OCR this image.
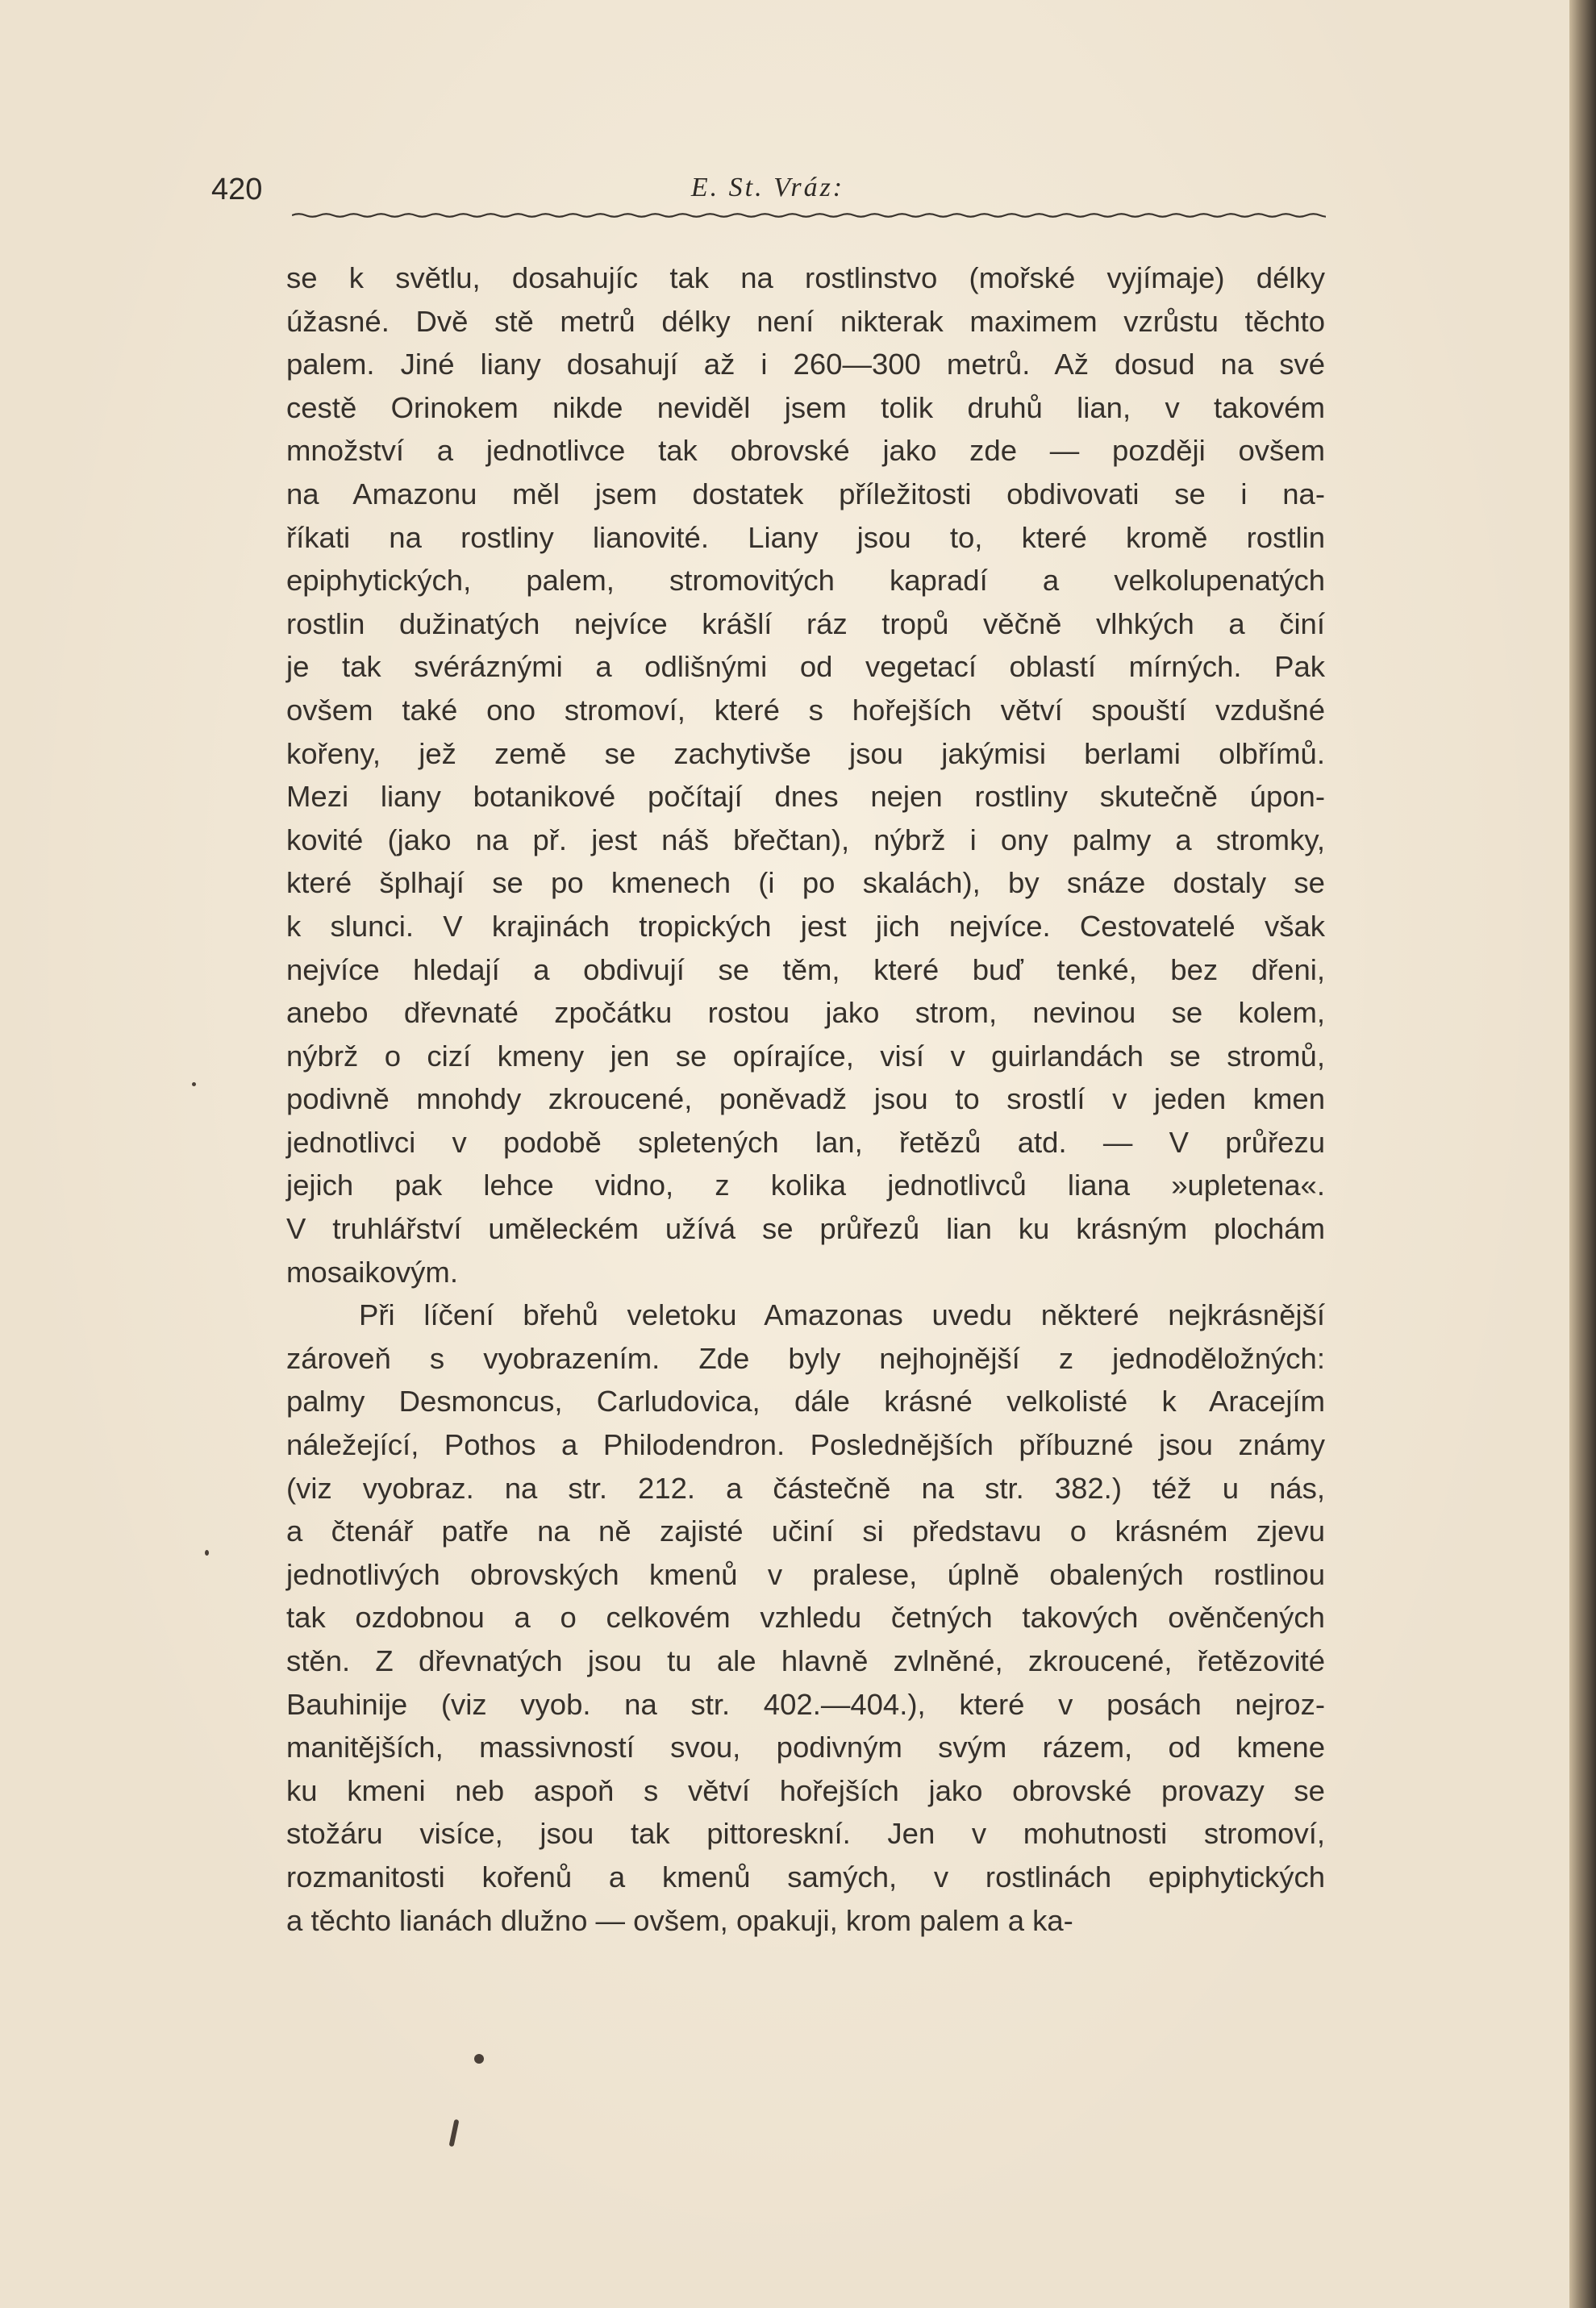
420	E. St. Vráz:
se k světlu, dosahujíc tak na rostlinstvo (mořské vyjímaje) délky
úžasné. Dvě stě metrů délky není nikterak maximem vzrůstu těchto
palem. Jiné liany dosahují až i 260—300 metrů. Až dosud na své
cestě Orinokem nikde neviděl jsem tolik druhů lian, v takovém
množství a jednotlivce tak obrovské jako zde — později ovšem
na Amazonu měl jsem dostatek příležitosti obdivovati se i na-
říkati na rostliny lianovité. Liany jsou to, které kromě rostlin
epiphytických, palem, stromovitých kapradí a velkolupenatých
rostlin dužinatých nejvíce krášlí ráz tropů věčně vlhkých a činí
je tak svéráznými a odlišnými od vegetací oblastí mírných. Pak
ovšem také ono stromoví, které s hořejších větví spouští vzdušné
kořeny, jež země se zachytivše jsou jakýmisi berlami olbřímů.
Mezi liany botanikové počítají dnes nejen rostliny skutečně úpon-
kovité (jako na př. jest náš břečtan), nýbrž i ony palmy a stromky,
které šplhají se po kmenech (i po skalách), by snáze dostaly se
k slunci. V krajinách tropických jest jich nejvíce. Cestovatelé však
nejvíce hledají a obdivují se těm, které buď tenké, bez dřeni,
anebo dřevnaté zpočátku rostou jako strom, nevinou se kolem,
nýbrž o cizí kmeny jen se opírajíce, visí v guirlandách se stromů,
podivně mnohdy zkroucené, poněvadž jsou to srostlí v jeden kmen
jednotlivci v podobě spletených lan, řetězů atd. — V průřezu
jejich pak lehce vidno, z kolika jednotlivců liana »upletena«.
V truhlářství uměleckém užívá se průřezů lian ku krásným plochám
mosaikovým.
Při líčení břehů veletoku Amazonas uvedu některé nejkrásnější
zároveň s vyobrazením. Zde byly nejhojnější z jednoděložných:
palmy Desmoncus, Carludovica, dále krásné velkolisté k Aracejím
náležející, Pothos a Philodendron. Poslednějších příbuzné jsou známy
(viz vyobraz. na str. 212. a částečně na str. 382.) též u nás,
a čtenář patře na ně zajisté učiní si představu o krásném zjevu
jednotlivých obrovských kmenů v pralese, úplně obalených rostlinou
tak ozdobnou a o celkovém vzhledu četných takových ověnčených
stěn. Z dřevnatých jsou tu ale hlavně zvlněné, zkroucené, řetězovité
Bauhinije (viz vyob. na str. 402.—404.), které v posách nejroz-
manitějších, massivností svou, podivným svým rázem, od kmene
ku kmeni neb aspoň s větví hořejších jako obrovské provazy se
stožáru visíce, jsou tak pittoreskní. Jen v mohutnosti stromoví,
rozmanitosti kořenů a kmenů samých, v rostlinách epiphytických
a těchto lianách dlužno — ovšem, opakuji, krom palem a ka-
